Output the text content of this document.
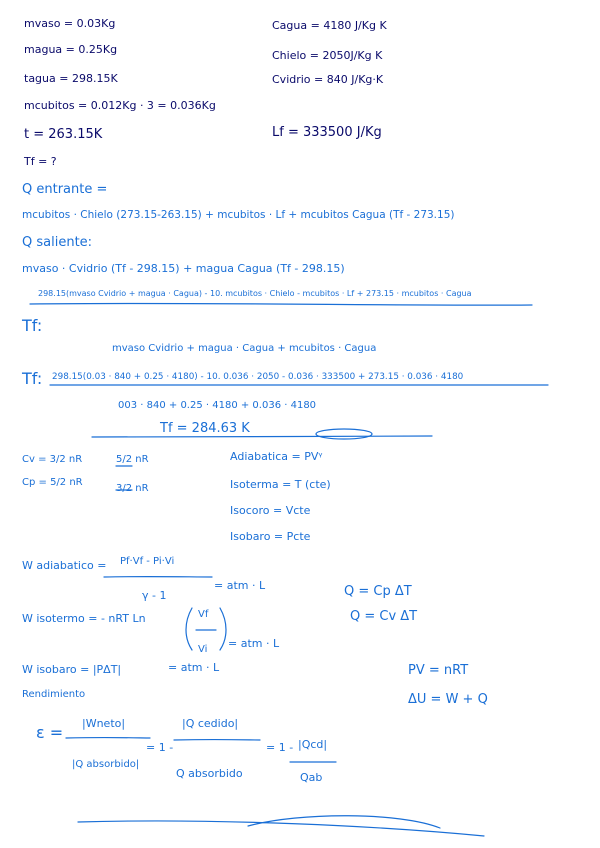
mvaso = 0.03Kg
magua = 0.25Kg
tagua = 298.15K
mcubitos = 0.012Kg · 3 = 0.036Kg
t = 263.15K
Tf = ?
Cagua = 4180 J/Kg K
Chielo = 2050J/Kg K
Cvidrio = 840 J/Kg·K
Lf = 333500 J/Kg
Q entrante =
mcubitos · Chielo (273.15-263.15) + mcubitos · Lf + mcubitos Cagua (Tf - 273.15)
Q saliente:
mvaso · Cvidrio (Tf - 298.15) + magua Cagua (Tf - 298.15)
298.15(mvaso Cvidrio + magua · Cagua) - 10. mcubitos · Chielo - mcubitos · Lf + 273.15 · mcubitos · Cagua
Tf:
mvaso Cvidrio + magua · Cagua + mcubitos · Cagua
Tf: 298.15(0.03 · 840 + 0.25 · 4180) - 10. 0.036 · 2050 - 0.036 · 333500 + 273.15 · 0.036 · 4180
003 · 840 + 0.25 · 4180 + 0.036 · 4180
Tf = 284.63 K
Cv = 3/2 nR
Cp = 5/2 nR
5/2 nR
3/2 nR
Adiabatica = PVᵞ
Isoterma = T (cte)
Isocoro = Vcte
Isobaro = Pcte
W adiabatico = Pf·Vf - Pi·Vi
γ - 1
= atm · L
W isotermo = - nRT Ln	Vf
Vi = atm · L
W isobaro = |PΔT|	= atm · L
Q = Cp ΔT
Q = Cv ΔT
PV = nRT
ΔU = W + Q
Rendimiento
ε = |Wneto|
|Q absorbido|
|Q cedido|
= 1 -
Q absorbido
= 1 - |Qcd|
Qab
